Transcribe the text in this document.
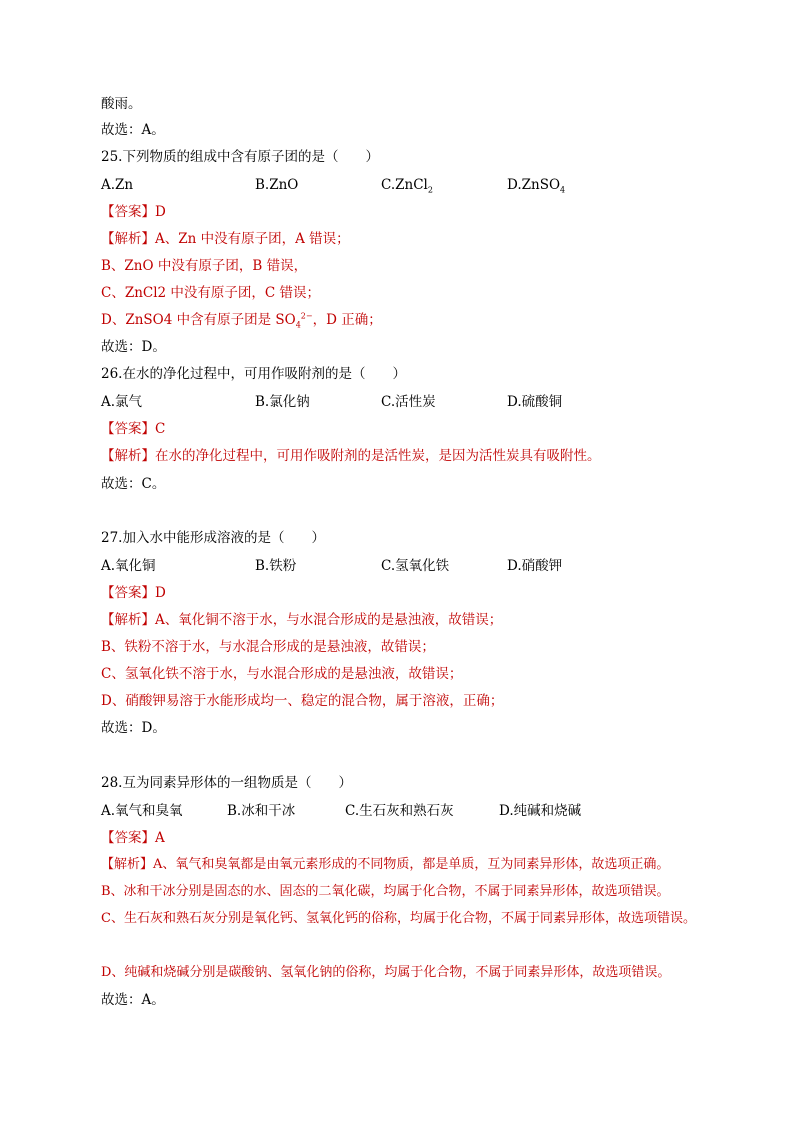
酸雨。
故选：A。
25.下列物质的组成中含有原子团的是（　　）
A.Zn	B.ZnO	C.ZnCl$_2$	D.ZnSO$_4$
【答案】D
【解析】A、Zn 中没有原子团，A 错误；
B、ZnO 中没有原子团，B 错误，
C、ZnCl2 中没有原子团，C 错误；
D、ZnSO4 中含有原子团是 $SO_4^{2-}$，D 正确；
故选：D。
26.在水的净化过程中，可用作吸附剂的是（　　）
A.氯气	B.氯化钠	C.活性炭	D.硫酸铜
【答案】C
【解析】在水的净化过程中，可用作吸附剂的是活性炭，是因为活性炭具有吸附性。
故选：C。
27.加入水中能形成溶液的是（　　）
A.氧化铜	B.铁粉	C.氢氧化铁	D.硝酸钾
【答案】D
【解析】A、氧化铜不溶于水，与水混合形成的是悬浊液，故错误；
B、铁粉不溶于水，与水混合形成的是悬浊液，故错误；
C、氢氧化铁不溶于水，与水混合形成的是悬浊液，故错误；
D、硝酸钾易溶于水能形成均一、稳定的混合物，属于溶液，正确；
故选：D。
28.互为同素异形体的一组物质是（　　）
A.氧气和臭氧	B.冰和干冰	C.生石灰和熟石灰	D.纯碱和烧碱
【答案】A
【解析】A、氧气和臭氧都是由氧元素形成的不同物质，都是单质，互为同素异形体，故选项正确。
B、冰和干冰分别是固态的水、固态的二氧化碳，均属于化合物，不属于同素异形体，故选项错误。
C、生石灰和熟石灰分别是氧化钙、氢氧化钙的俗称，均属于化合物，不属于同素异形体，故选项错误。
D、纯碱和烧碱分别是碳酸钠、氢氧化钠的俗称，均属于化合物，不属于同素异形体，故选项错误。
故选：A。
